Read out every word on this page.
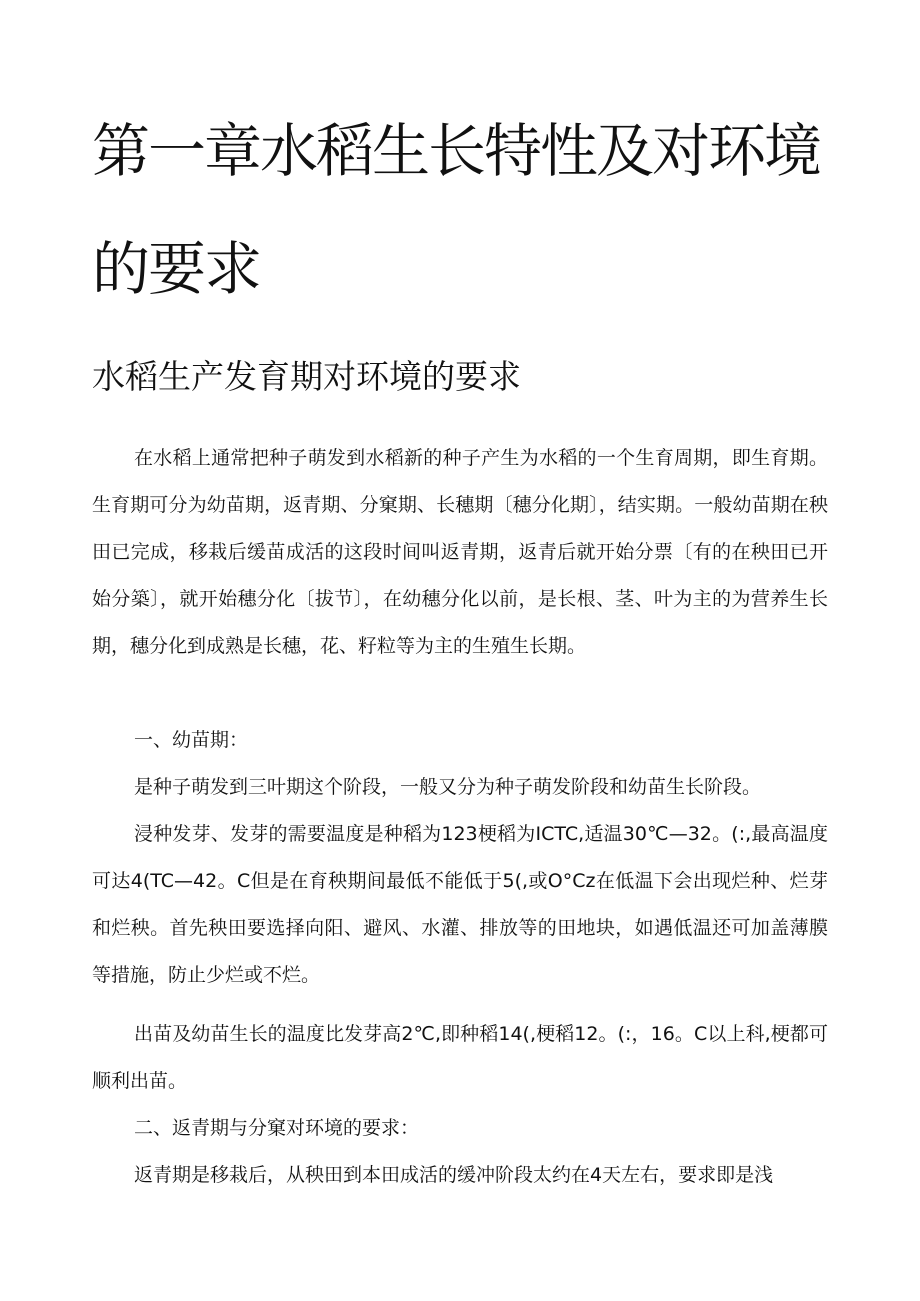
第一章水稻生长特性及对环境的要求
水稻生产发育期对环境的要求

在水稻上通常把种子萌发到水稻新的种子产生为水稻的一个生育周期，即生育期。生育期可分为幼苗期，返青期、分窠期、长穗期〔穗分化期〕，结实期。一般幼苗期在秧田已完成，移栽后缓苗成活的这段时间叫返青期，返青后就开始分票〔有的在秧田已开始分築〕，就开始穗分化〔拔节〕，在幼穗分化以前，是长根、茎、叶为主的为营养生长期，穗分化到成熟是长穗，花、籽粒等为主的生殖生长期。

一、幼苗期：

是种子萌发到三叶期这个阶段，一般又分为种子萌发阶段和幼苗生长阶段。

浸种发芽、发芽的需要温度是种稻为123梗稻为ICTC,适温30℃—32。(:,最高温度可达4(TC—42。C但是在育秧期间最低不能低于5(,或O°Cz在低温下会出现烂种、烂芽和烂秧。首先秧田要选择向阳、避风、水灌、排放等的田地块，如遇低温还可加盖薄膜等措施，防止少烂或不烂。

出苗及幼苗生长的温度比发芽高2℃,即种稻14(,梗稻12。(:，16。C以上科,梗都可顺利出苗。

二、返青期与分窠对环境的要求：

返青期是移栽后，从秧田到本田成活的缓冲阶段太约在4天左右，要求即是浅
